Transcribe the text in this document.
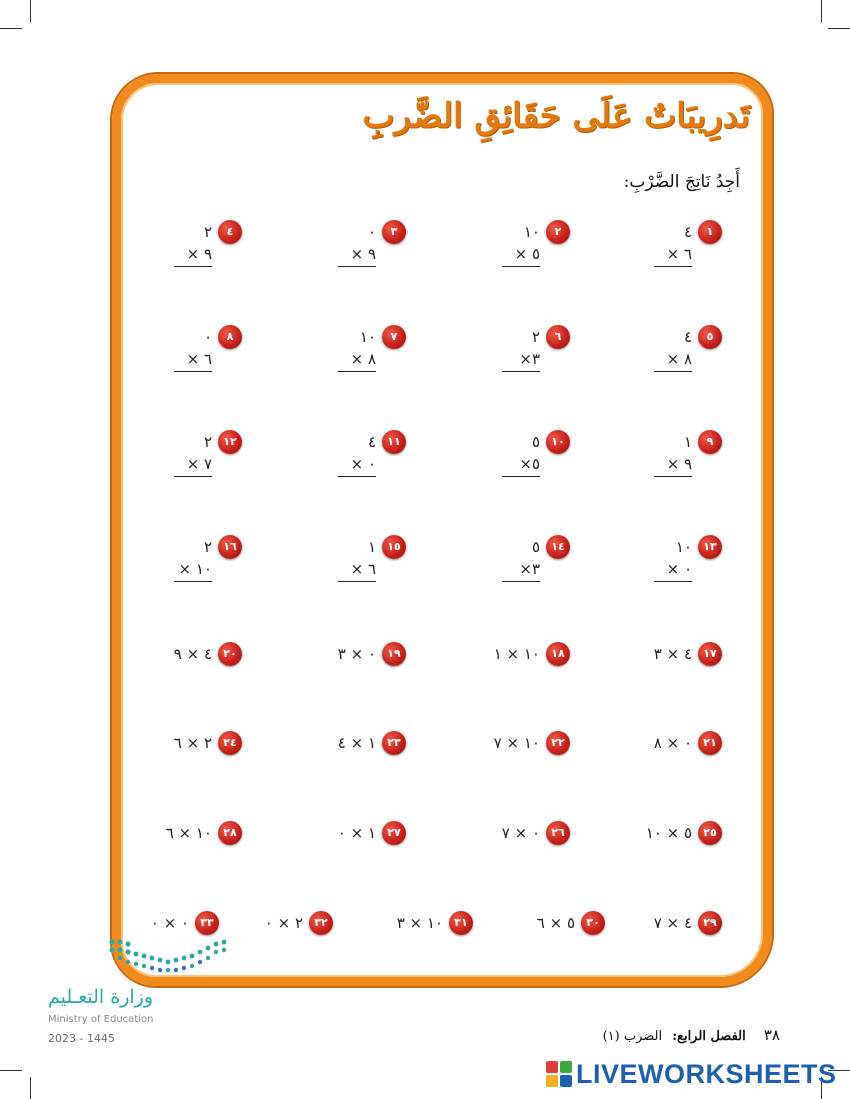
تَدرِيبَاتٌ عَلَى حَقَائِقِ الضَّربِ
أَجِدُ نَاتِجَ الضَّرْبِ:
١
٤
× ٦
٢
١٠
× ٥
٣
٠
× ٩
٤
٢
× ٩
٥
٤
× ٨
٦
٢
×٣
٧
١٠
× ٨
٨
٠
× ٦
٩
١
× ٩
١٠
٥
×٥
١١
٤
× ٠
١٢
٢
× ٧
١٣
١٠
× ٠
١٤
٥
×٣
١٥
١
× ٦
١٦
٢
× ١٠
١٧
٤ × ٣
١٨
١٠ × ١
١٩
٠ × ٣
٢٠
٤ × ٩
٢١
٠ × ٨
٢٢
١٠ × ٧
٢٣
١ × ٤
٢٤
٢ × ٦
٢٥
٥ × ١٠
٢٦
٠ × ٧
٢٧
١ × ٠
٢٨
١٠ × ٦
٢٩
٤ × ٧
٣٠
٥ × ٦
٣١
١٠ × ٣
٣٢
٢ × ٠
٣٣
٠ × ٠
وزارة التعـليم
Ministry of Education
2023 - 1445	٣٨ الفصل الرابع: الضرب (١)
LIVEWORKSHEETS
